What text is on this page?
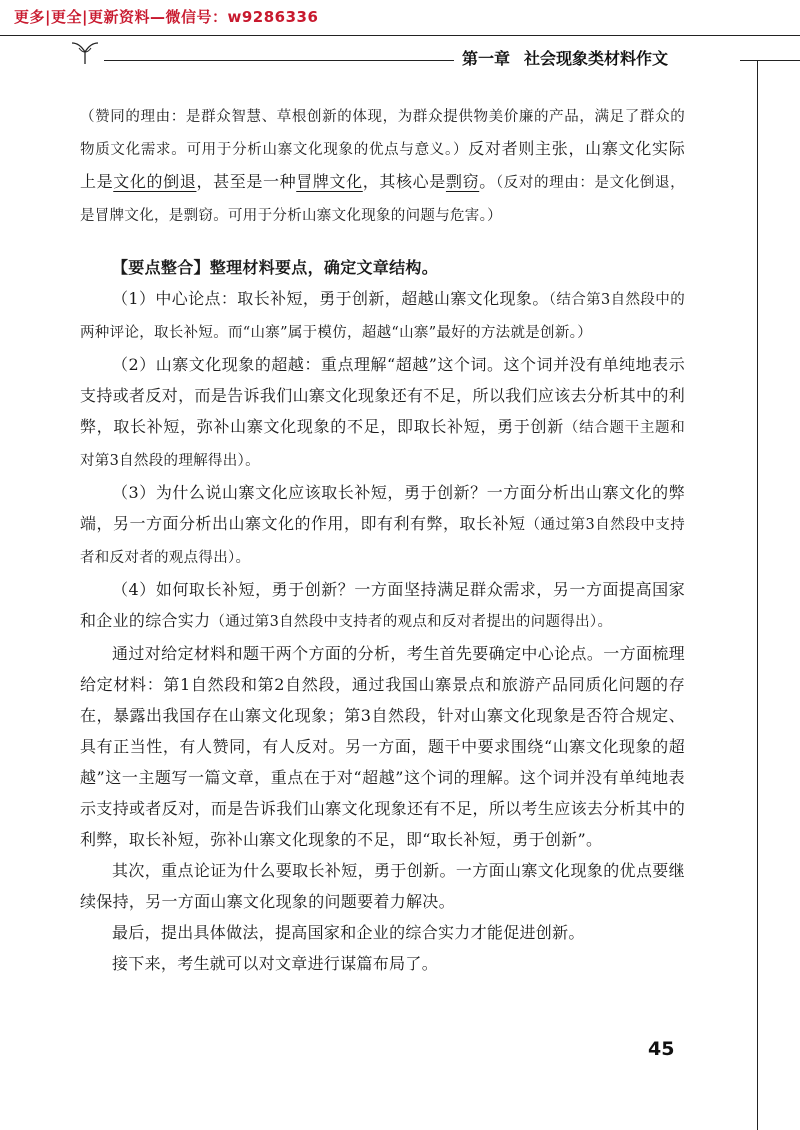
更多|更全|更新资料—微信号：w9286336
第一章 社会现象类材料作文

（赞同的理由：是群众智慧、草根创新的体现，为群众提供物美价廉的产品，满足了群众的物质文化需求。可用于分析山寨文化现象的优点与意义。）反对者则主张，山寨文化实际上是文化的倒退，甚至是一种冒牌文化，其核心是剽窃。（反对的理由：是文化倒退，是冒牌文化，是剽窃。可用于分析山寨文化现象的问题与危害。）

【要点整合】整理材料要点，确定文章结构。

（1）中心论点：取长补短，勇于创新，超越山寨文化现象。（结合第3自然段中的两种评论，取长补短。而“山寨”属于模仿，超越“山寨”最好的方法就是创新。）

（2）山寨文化现象的超越：重点理解“超越”这个词。这个词并没有单纯地表示支持或者反对，而是告诉我们山寨文化现象还有不足，所以我们应该去分析其中的利弊，取长补短，弥补山寨文化现象的不足，即取长补短，勇于创新（结合题干主题和对第3自然段的理解得出）。

（3）为什么说山寨文化应该取长补短，勇于创新？一方面分析出山寨文化的弊端，另一方面分析出山寨文化的作用，即有利有弊，取长补短（通过第3自然段中支持者和反对者的观点得出）。

（4）如何取长补短，勇于创新？一方面坚持满足群众需求，另一方面提高国家和企业的综合实力（通过第3自然段中支持者的观点和反对者提出的问题得出）。

通过对给定材料和题干两个方面的分析，考生首先要确定中心论点。一方面梳理给定材料：第1自然段和第2自然段，通过我国山寨景点和旅游产品同质化问题的存在，暴露出我国存在山寨文化现象；第3自然段，针对山寨文化现象是否符合规定、具有正当性，有人赞同，有人反对。另一方面，题干中要求围绕“山寨文化现象的超越”这一主题写一篇文章，重点在于对“超越”这个词的理解。这个词并没有单纯地表示支持或者反对，而是告诉我们山寨文化现象还有不足，所以考生应该去分析其中的利弊，取长补短，弥补山寨文化现象的不足，即“取长补短，勇于创新”。

其次，重点论证为什么要取长补短，勇于创新。一方面山寨文化现象的优点要继续保持，另一方面山寨文化现象的问题要着力解决。

最后，提出具体做法，提高国家和企业的综合实力才能促进创新。

接下来，考生就可以对文章进行谋篇布局了。

45
